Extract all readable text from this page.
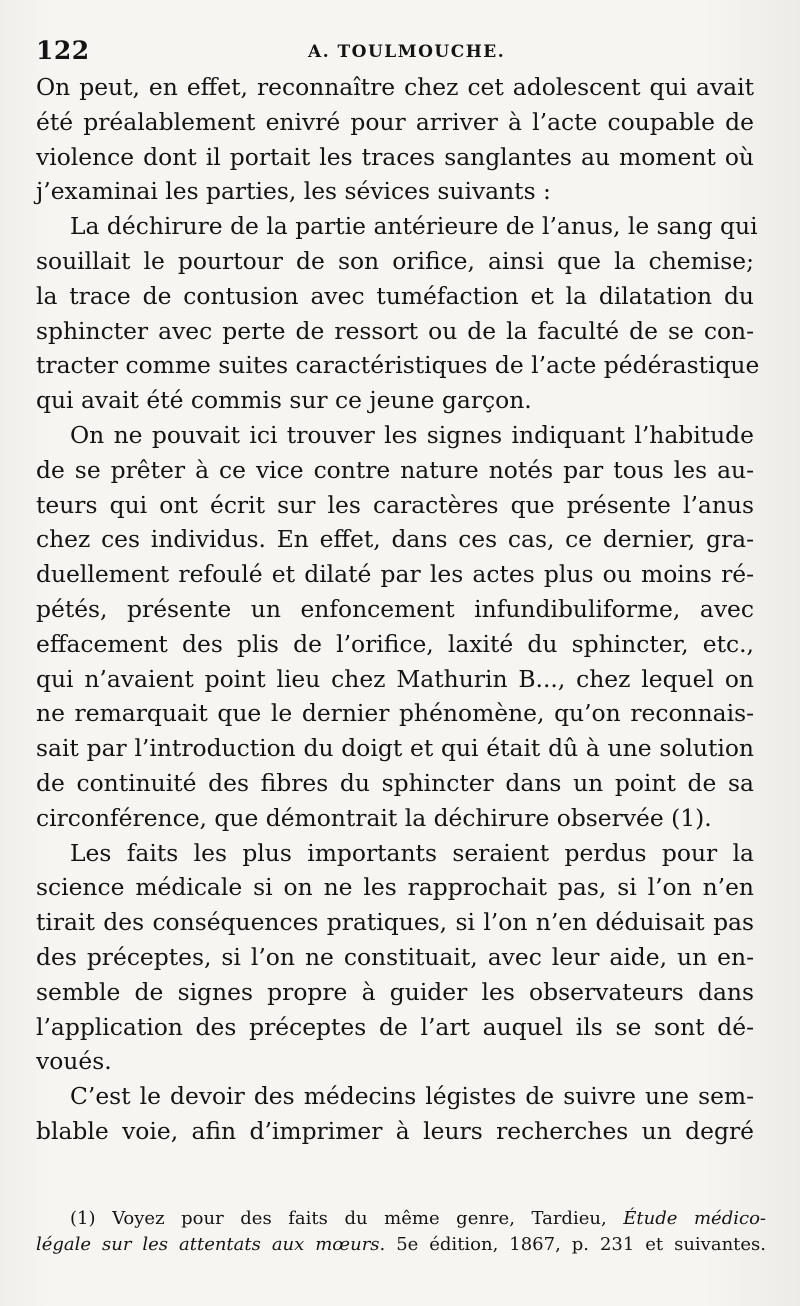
122	A. TOULMOUCHE.
On peut, en effet, reconnaître chez cet adolescent qui avait
été préalablement enivré pour arriver à l’acte coupable de
violence dont il portait les traces sanglantes au moment où
j’examinai les parties, les sévices suivants :
La déchirure de la partie antérieure de l’anus, le sang qui
souillait le pourtour de son orifice, ainsi que la chemise;
la trace de contusion avec tuméfaction et la dilatation du
sphincter avec perte de ressort ou de la faculté de se con-
tracter comme suites caractéristiques de l’acte pédérastique
qui avait été commis sur ce jeune garçon.
On ne pouvait ici trouver les signes indiquant l’habitude
de se prêter à ce vice contre nature notés par tous les au-
teurs qui ont écrit sur les caractères que présente l’anus
chez ces individus. En effet, dans ces cas, ce dernier, gra-
duellement refoulé et dilaté par les actes plus ou moins ré-
pétés, présente un enfoncement infundibuliforme, avec
effacement des plis de l’orifice, laxité du sphincter, etc.,
qui n’avaient point lieu chez Mathurin B..., chez lequel on
ne remarquait que le dernier phénomène, qu’on reconnais-
sait par l’introduction du doigt et qui était dû à une solution
de continuité des fibres du sphincter dans un point de sa
circonférence, que démontrait la déchirure observée (1).
Les faits les plus importants seraient perdus pour la
science médicale si on ne les rapprochait pas, si l’on n’en
tirait des conséquences pratiques, si l’on n’en déduisait pas
des préceptes, si l’on ne constituait, avec leur aide, un en-
semble de signes propre à guider les observateurs dans
l’application des préceptes de l’art auquel ils se sont dé-
voués.
C’est le devoir des médecins légistes de suivre une sem-
blable voie, afin d’imprimer à leurs recherches un degré
(1) Voyez pour des faits du même genre, Tardieu, Étude médico-
légale sur les attentats aux mœurs. 5e édition, 1867, p. 231 et suivantes.
